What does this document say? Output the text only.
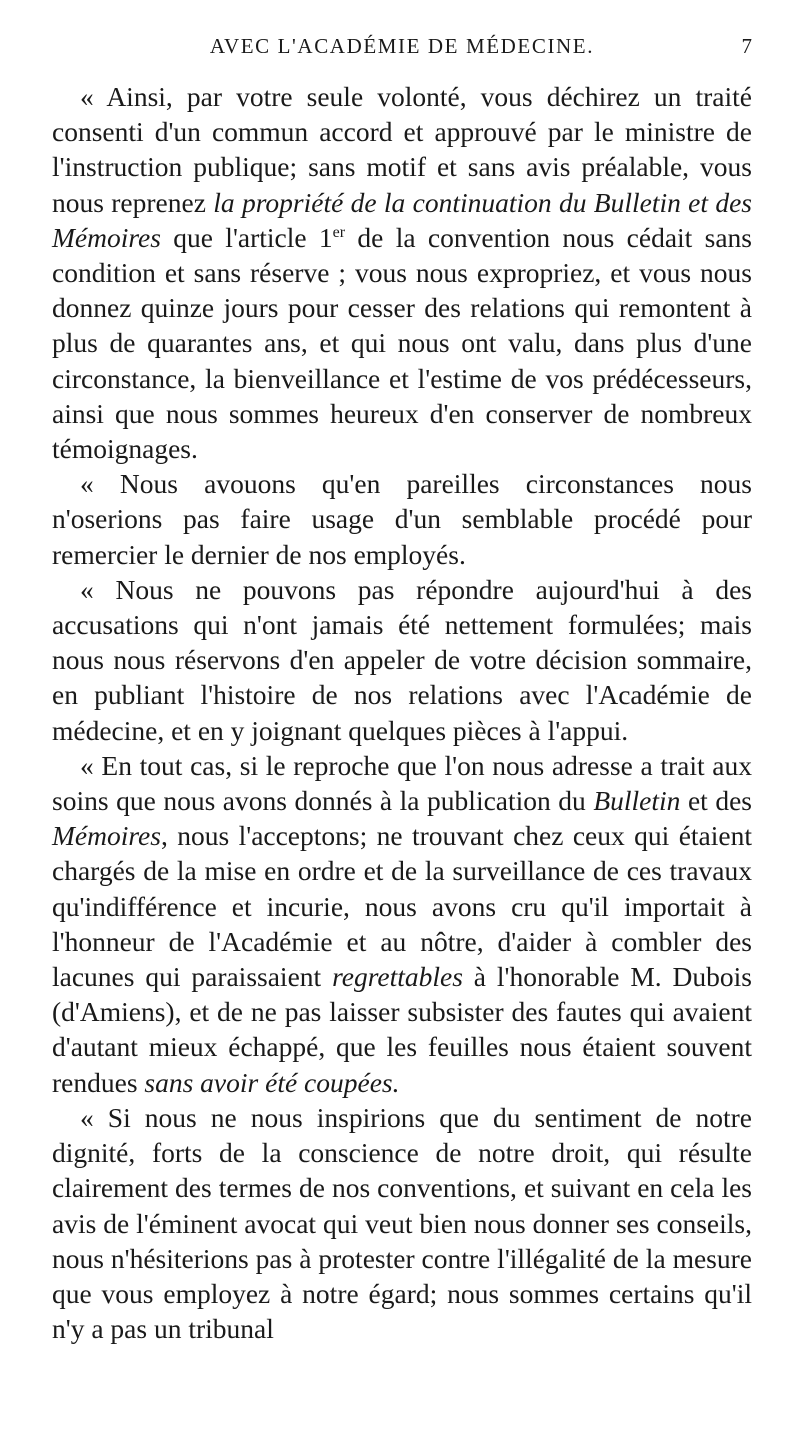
AVEC L'ACADÉMIE DE MÉDECINE.	7

« Ainsi, par votre seule volonté, vous déchirez un traité consenti d'un commun accord et approuvé par le ministre de l'instruction publique; sans motif et sans avis préalable, vous nous reprenez la propriété de la continuation du Bulletin et des Mémoires que l'article 1er de la convention nous cédait sans condition et sans réserve ; vous nous expropriez, et vous nous donnez quinze jours pour cesser des relations qui remontent à plus de quarantes ans, et qui nous ont valu, dans plus d'une circonstance, la bienveillance et l'estime de vos prédécesseurs, ainsi que nous sommes heureux d'en conserver de nombreux témoignages.

« Nous avouons qu'en pareilles circonstances nous n'oserions pas faire usage d'un semblable procédé pour remercier le dernier de nos employés.

« Nous ne pouvons pas répondre aujourd'hui à des accusations qui n'ont jamais été nettement formulées; mais nous nous réservons d'en appeler de votre décision sommaire, en publiant l'histoire de nos relations avec l'Académie de médecine, et en y joignant quelques pièces à l'appui.

« En tout cas, si le reproche que l'on nous adresse a trait aux soins que nous avons donnés à la publication du Bulletin et des Mémoires, nous l'acceptons; ne trouvant chez ceux qui étaient chargés de la mise en ordre et de la surveillance de ces travaux qu'indifférence et incurie, nous avons cru qu'il importait à l'honneur de l'Académie et au nôtre, d'aider à combler des lacunes qui paraissaient regrettables à l'honorable M. Dubois (d'Amiens), et de ne pas laisser subsister des fautes qui avaient d'autant mieux échappé, que les feuilles nous étaient souvent rendues sans avoir été coupées.

« Si nous ne nous inspirions que du sentiment de notre dignité, forts de la conscience de notre droit, qui résulte clairement des termes de nos conventions, et suivant en cela les avis de l'éminent avocat qui veut bien nous donner ses conseils, nous n'hésiterions pas à protester contre l'illégalité de la mesure que vous employez à notre égard; nous sommes certains qu'il n'y a pas un tribunal
